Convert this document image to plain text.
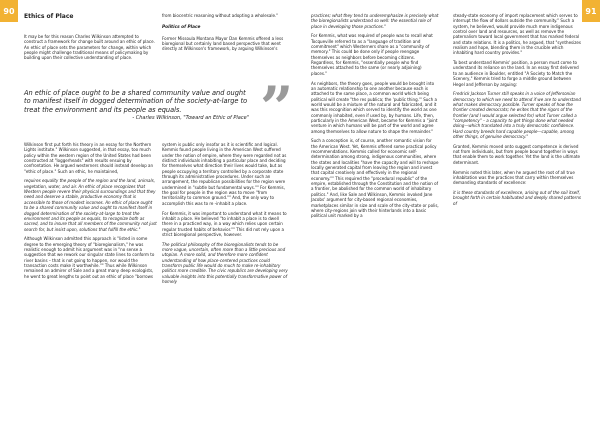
90	91
Ethics of Place

It may be for this reason Charles Wilkinson attempted to construct a framework for change built around an ethic of place. An ethic of place sets the parameters for change, within which people might challenge traditional means of policymaking by building upon their collective understanding of place.

An ethic of place ought to be a shared community value and ought to manifest itself in dogged determination of the society-at-large to treat the environment and its people as equals.
- Charles Wilkinson, "Toward an Ethic of Place" ”

Wilkinson first put forth his theory in an essay for the Northern Lights institute." Wilkinson suggested, in that essay, too much policy within the western region of the United States had been constructed at "loggerheads" with results ensuing by confrontation. He argued westerners should instead develop an "ethic of place." Such an ethic, he maintained,

requires equality the people of the region and the land, animals, vegetation, water, and air. An ethic of place recognizes that Western people revere their physical surroundings and that they need and deserve a stable, productive economy that is accessible to those of modest incomes. An ethic of place ought to be a shared community value and ought to manifest itself in dogged determination of the society-at-large to treat the environment and its people as equals, to recognize both as sacred, and to insure that all members of the community not just search for, but insist upon, solutions that fulfill the ethic."

Although Wilkinson admitted this approach is "listed in some degree to the emerging theory of "bioregionalism," he was realistic enough to admit his argument was in "no sense a suggestion that we rework our singular state lines to conform to river basins – that is not going to happen, nor would the transaction costs make it worthwhile."" Thus while Wilkinson remained an admirer of Sale and a great many deep ecologists, he went to great lengths to point out an ethic of place "borrows

from biocentric reasoning without adopting a wholesale."

Politics of Place

Former Missoula Montana Mayor Dan Kemmis offered a less bioregional but certainly land based perspective that went directly at Wilkinson's framework, by arguing Wilkinson's

system is public only insofar as it is scientific and logical. Kemmis found people living in the American West suffered under the notion of empire, where they were regarded not as distinct individuals inhabiting a particular place and deciding for themselves what direction their lives would take, but as people occupying a territory controlled by a corporate state through its administrative procedures. Under such an arrangement, the republican possibilities for the region were undermined in "subtle but fundamental ways."" For Kemmis, the goal for people in the region was to move "from territoriality to common ground."" And, the only way to accomplish this was to re -inhabit a place.

For Kemmis, it was important to understand what it means to inhabit a place. He believed "to inhabit a place is to dwell there in a practiced way, in a way which relies upon certain regular trusted habits of behavior."" This did not rely upon a strict bioregional perspective, however.

The political philosophy of the bioregionalists tends to be more vague, uncertain, often more than a little precious and utopian. A more solid, and therefore more confident understanding of how place-centered practices could transform public life would do much to make re-inhabitory politics more credible. The civic republics are developing very valuable insights into this potentially transformative power of homely

practices; what they tend to underemphasize is precisely what the bioregionalists understand so well: the essential role of place in developing those practices."

For Kemmis, what was required of people was to recall what Tocqueville referred to as a "language of tradition and commitment" which Westerners share as a "community of memory." This could be done only if people reengage themselves as neighbors before becoming citizens. Regardless, for Kemmis, "essentially people who find themselves attached to the same (or nearly adjoining) places."

As neighbors, the theory goes, people would be brought into an automatic relationship to one another because each is attached to the same place, a common world which being political will create "the res publica; the 'public thing.'" Such a world would be a mixture of the natural and fabricated, and it was this recognition which served to identify the world as one commonly inhabited, even if used by, by humans. Life, then, particularly in the American West, became for Kemmis a "joint venture in which humans will be part of the world and agree among themselves to allow nature to shape the remainder."

Such a conception is, of course, another romantic vision for the American West. Yet, Kemmis offered some practical policy recommendations. Kemmis called for economic self-determination among strong, indigenous communities, where the states and localities "have the capacity and will to reshape locally generated capital from leaving the region and invest that capital creatively and effectively in the regional economy."" This required the "procedural republic" of the empire, established through the Constitution and the notion of a frontier, be abolished for the common world of inhabitory politics." And, like Sale and Wilkinson, Kemmis invoked Jane Jacobs' argument for city-based regional economies, marketplaces similar in size and scale of the city-state or polis, where city-regions join with their hinterlands into a basic political unit marked by a

steady-state economy of import replacement which serves to interrupt the flow of dollars outside the community." Such a system, he believed, would provide much more indigenous control over land and resources, as well as remove the paternalism toward local government that has marked federal and state relations. It is a politics, he argued, that "synthesizes realism and hope, blending them in the crucible which inhabiting hard country provides."

To best understand Kemmis' position, a person must come to understand its reliance on the land. In an essay first delivered to an audience in Boulder, entitled "A Society to Match the Scenery," Kemmis tried to forge a middle ground between Hegel and Jefferson by arguing:

Fredrick Jackson Turner still speaks in a voice of Jeffersonian democracy to which we need to attend if we are to understand what makes democracy possible. Turner speaks of how the frontier created democrats; he writes that the rigors of the frontier (and I would argue selected for) what Turner called a "competency" – a capacity to get things done what needed doing—which translated into a truly democratic confidence. Hard country breeds hard capable people—capable, among other things, of genuine democracy."

Granted, Kemmis moved onto suggest competence is derived not from individuals, but from people bound together in ways that enable them to work together. Yet the land is the ultimate determinant.

Kemmis noted this later, when he argued the root of all true inhabitation was the practices that carry within themselves demanding standards of excellence:

it is these standards of excellence, arising out of the soil itself, brought forth in certain habituated and deeply shared patterns of
